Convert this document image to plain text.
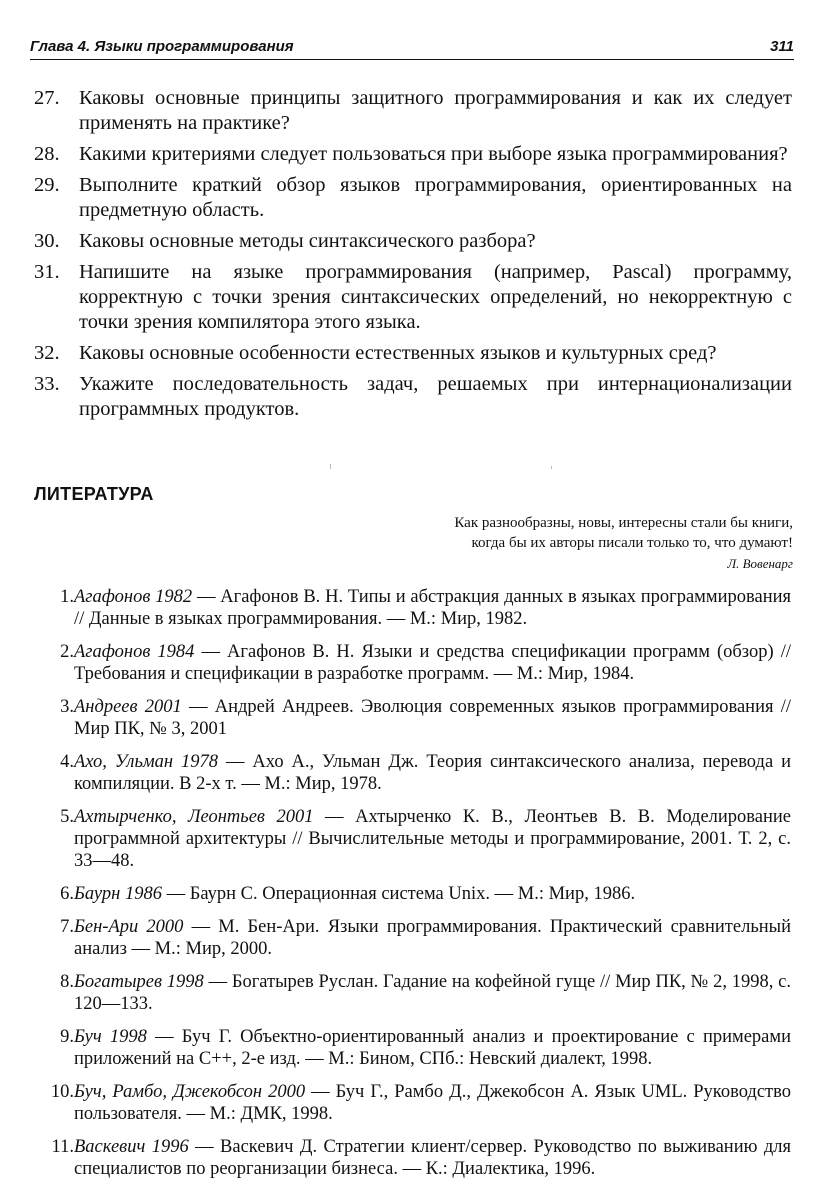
Глава 4. Языки программирования	311
27. Каковы основные принципы защитного программирования и как их следует применять на практике?
28. Какими критериями следует пользоваться при выборе языка программирования?
29. Выполните краткий обзор языков программирования, ориентированных на предметную область.
30. Каковы основные методы синтаксического разбора?
31. Напишите на языке программирования (например, Pascal) программу, корректную с точки зрения синтаксических определений, но некорректную с точки зрения компилятора этого языка.
32. Каковы основные особенности естественных языков и культурных сред?
33. Укажите последовательность задач, решаемых при интернационализации программных продуктов.
ЛИТЕРАТУРА
Как разнообразны, новы, интересны стали бы книги,
когда бы их авторы писали только то, что думают!
Л. Вовенарг
1. Агафонов 1982 — Агафонов В. Н. Типы и абстракция данных в языках программирования // Данные в языках программирования. — М.: Мир, 1982.
2. Агафонов 1984 — Агафонов В. Н. Языки и средства спецификации программ (обзор) // Требования и спецификации в разработке программ. — М.: Мир, 1984.
3. Андреев 2001 — Андрей Андреев. Эволюция современных языков программирования // Мир ПК, № 3, 2001
4. Ахо, Ульман 1978 — Ахо А., Ульман Дж. Теория синтаксического анализа, перевода и компиляции. В 2-х т. — М.: Мир, 1978.
5. Ахтырченко, Леонтьев 2001 — Ахтырченко К. В., Леонтьев В. В. Моделирование программной архитектуры // Вычислительные методы и программирование, 2001. Т. 2, с. 33—48.
6. Баурн 1986 — Баурн С. Операционная система Unix. — М.: Мир, 1986.
7. Бен-Ари 2000 — М. Бен-Ари. Языки программирования. Практический сравнительный анализ — М.: Мир, 2000.
8. Богатырев 1998 — Богатырев Руслан. Гадание на кофейной гуще // Мир ПК, № 2, 1998, с. 120—133.
9. Буч 1998 — Буч Г. Объектно-ориентированный анализ и проектирование с примерами приложений на С++, 2-е изд. — М.: Бином, СПб.: Невский диалект, 1998.
10. Буч, Рамбо, Джекобсон 2000 — Буч Г., Рамбо Д., Джекобсон А. Язык UML. Руководство пользователя. — М.: ДМК, 1998.
11. Васкевич 1996 — Васкевич Д. Стратегии клиент/сервер. Руководство по выживанию для специалистов по реорганизации бизнеса. — К.: Диалектика, 1996.
